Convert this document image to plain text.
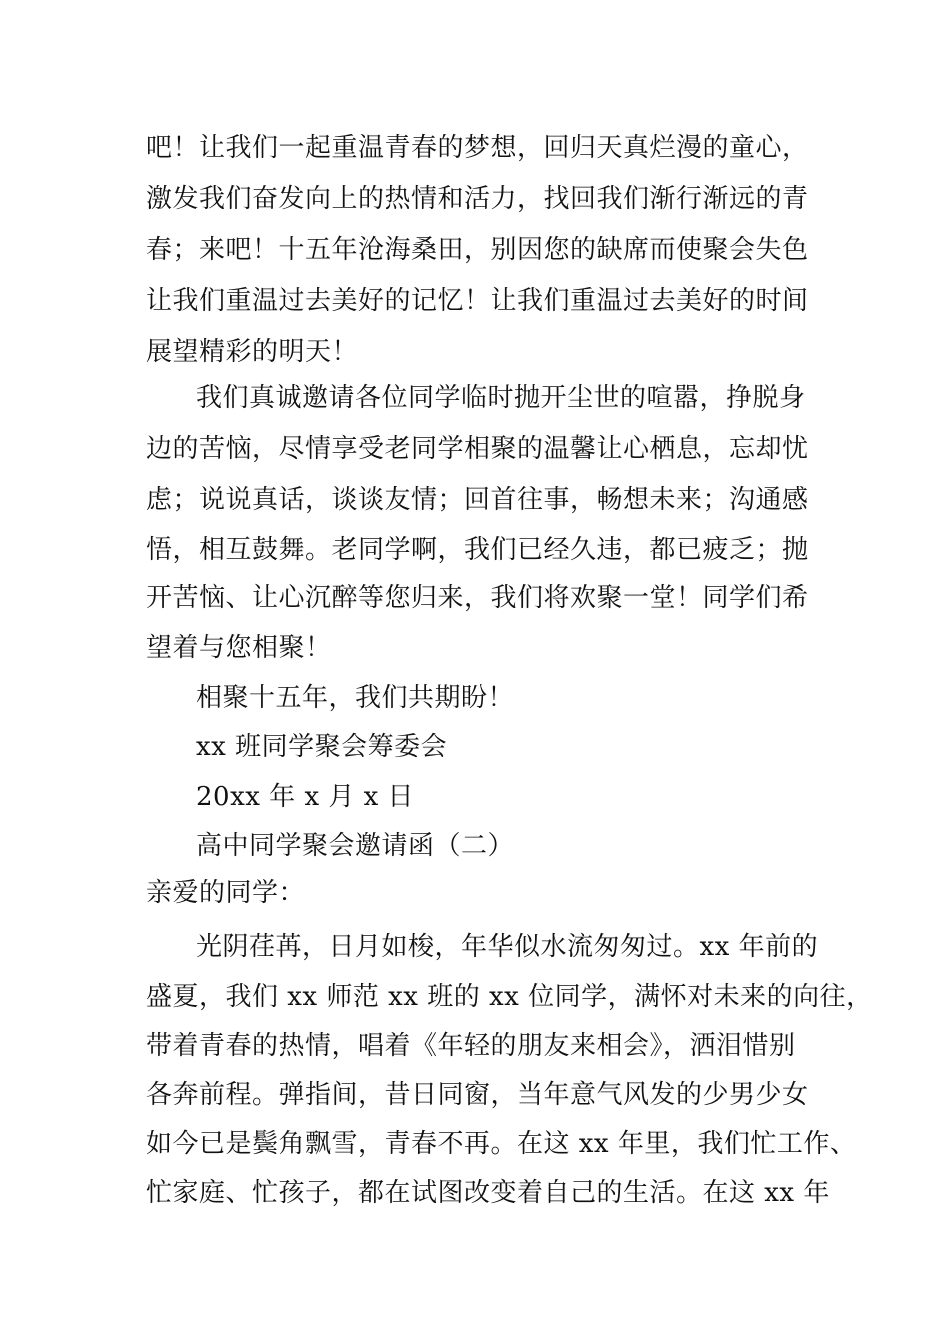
吧！让我们一起重温青春的梦想，回归天真烂漫的童心，
激发我们奋发向上的热情和活力，找回我们渐行渐远的青
春；来吧！十五年沧海桑田，别因您的缺席而使聚会失色
让我们重温过去美好的记忆！让我们重温过去美好的时间
展望精彩的明天！
我们真诚邀请各位同学临时抛开尘世的喧嚣，挣脱身
边的苦恼，尽情享受老同学相聚的温馨让心栖息，忘却忧
虑；说说真话，谈谈友情；回首往事，畅想未来；沟通感
悟，相互鼓舞。老同学啊，我们已经久违，都已疲乏；抛
开苦恼、让心沉醉等您归来，我们将欢聚一堂！同学们希
望着与您相聚！
相聚十五年，我们共期盼！
xx 班同学聚会筹委会
20xx 年 x 月 x 日
高中同学聚会邀请函（二）
亲爱的同学：
光阴荏苒，日月如梭，年华似水流匆匆过。xx 年前的
盛夏，我们 xx 师范 xx 班的 xx 位同学，满怀对未来的向往，
带着青春的热情，唱着《年轻的朋友来相会》，洒泪惜别
各奔前程。弹指间，昔日同窗，当年意气风发的少男少女
如今已是鬓角飘雪，青春不再。在这 xx 年里，我们忙工作、
忙家庭、忙孩子，都在试图改变着自己的生活。在这 xx 年
